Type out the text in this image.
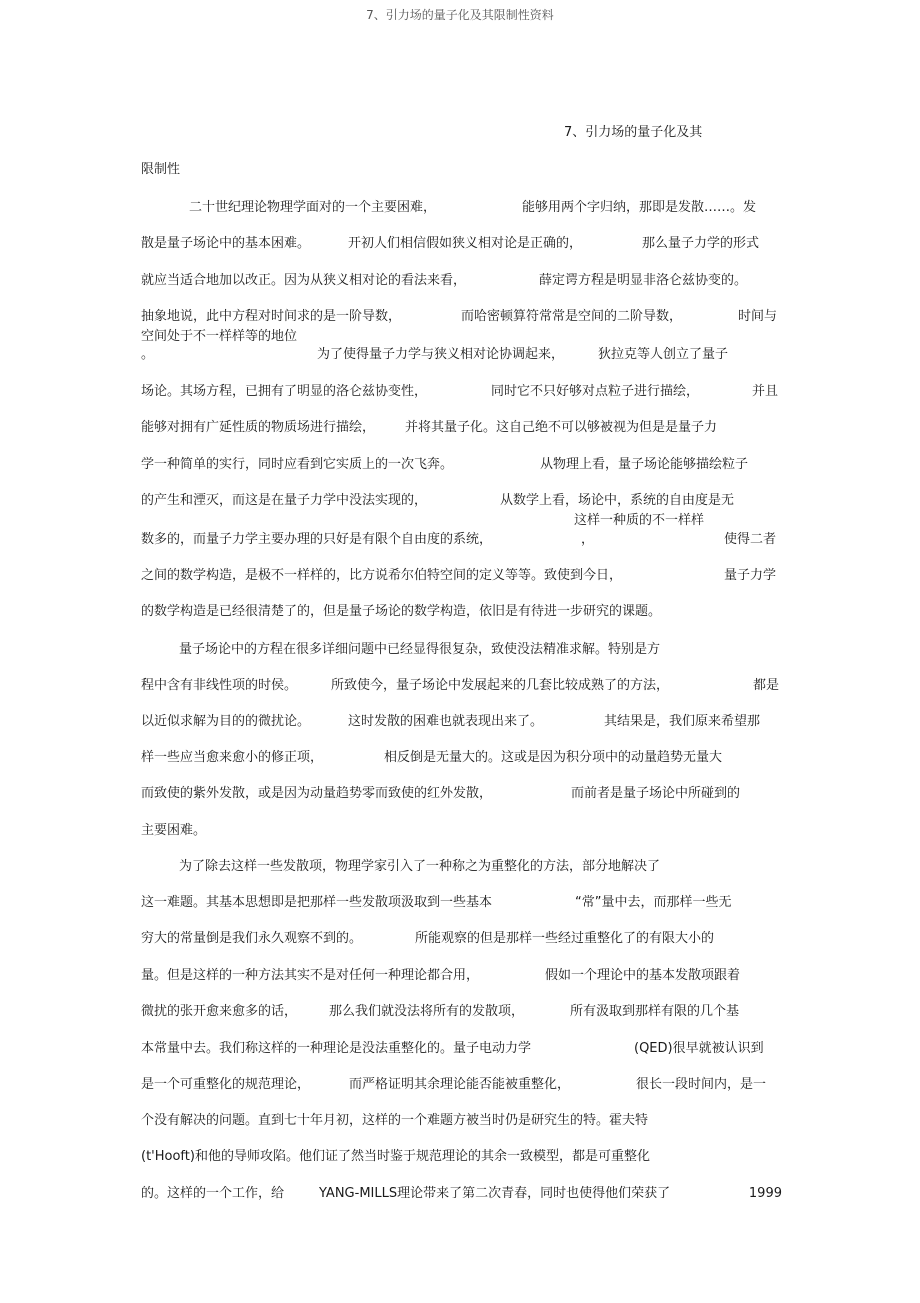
7、引力场的量子化及其限制性资料
7、引力场的量子化及其
限制性
二十世纪理论物理学面对的一个主要困难，	能够用两个字归纳，那即是发散……。发
散是量子场论中的基本困难。	开初人们相信假如狭义相对论是正确的，	那么量子力学的形式
就应当适合地加以改正。因为从狭义相对论的看法来看，	薛定谔方程是明显非洛仑兹协变的。
抽象地说，此中方程对时间求的是一阶导数，	而哈密顿算符常常是空间的二阶导数，	时间与
空间处于不一样样等的地位
。	为了使得量子力学与狭义相对论协调起来，	狄拉克等人创立了量子
场论。其场方程，已拥有了明显的洛仑兹协变性，	同时它不只好够对点粒子进行描绘，	并且
能够对拥有广延性质的物质场进行描绘， 并将其量子化。这自己绝不可以够被视为但是是量子力
学一种简单的实行，同时应看到它实质上的一次飞奔。	从物理上看，量子场论能够描绘粒子
的产生和湮灭，而这是在量子力学中没法实现的，	从数学上看，场论中，系统的自由度是无
这样一种质的不一样样
数多的，而量子力学主要办理的只好是有限个自由度的系统，	，	使得二者
之间的数学构造，是极不一样样的，比方说希尔伯特空间的定义等等。致使到今日，	量子力学
的数学构造是已经很清楚了的，但是量子场论的数学构造，依旧是有待进一步研究的课题。
量子场论中的方程在很多详细问题中已经显得很复杂，致使没法精准求解。特别是方
程中含有非线性项的时侯。	所致使今，量子场论中发展起来的几套比较成熟了的方法，	都是
以近似求解为目的的微扰论。	这时发散的困难也就表现出来了。	其结果是，我们原来希望那
样一些应当愈来愈小的修正项，	相反倒是无量大的。这或是因为积分项中的动量趋势无量大
而致使的紫外发散，或是因为动量趋势零而致使的红外发散，	而前者是量子场论中所碰到的
主要困难。
为了除去这样一些发散项，物理学家引入了一种称之为重整化的方法，部分地解决了
这一难题。其基本思想即是把那样一些发散项汲取到一些基本	“常”量中去，而那样一些无
穷大的常量倒是我们永久观察不到的。	所能观察的但是那样一些经过重整化了的有限大小的
量。但是这样的一种方法其实不是对任何一种理论都合用，	假如一个理论中的基本发散项跟着
微扰的张开愈来愈多的话， 那么我们就没法将所有的发散项，	所有汲取到那样有限的几个基
本常量中去。我们称这样的一种理论是没法重整化的。量子电动力学	(QED)很早就被认识到
是一个可重整化的规范理论，	而严格证明其余理论能否能被重整化，	很长一段时间内，是一
个没有解决的问题。直到七十年月初，这样的一个难题方被当时仍是研究生的特。霍夫特
(t'Hooft)和他的导师攻陷。他们证了然当时鉴于规范理论的其余一致模型，都是可重整化
的。这样的一个工作，给	YANG-MILLS理论带来了第二次青春，同时也使得他们荣获了	1999
